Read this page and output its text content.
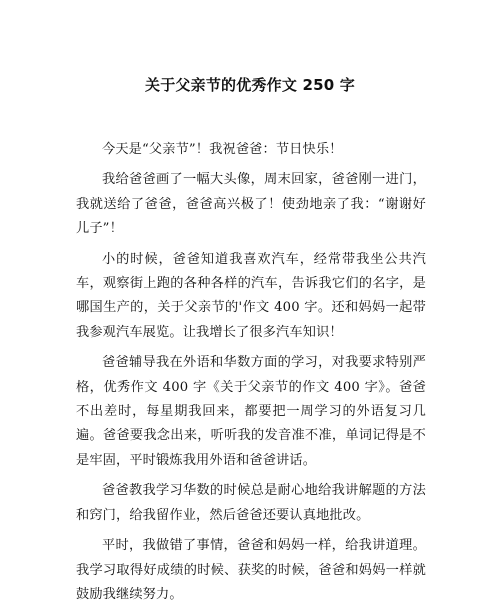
关于父亲节的优秀作文 250 字

今天是“父亲节”！我祝爸爸：节日快乐！

我给爸爸画了一幅大头像，周末回家，爸爸刚一进门，我就送给了爸爸，爸爸高兴极了！使劲地亲了我：“谢谢好儿子”！

小的时候，爸爸知道我喜欢汽车，经常带我坐公共汽车，观察街上跑的各种各样的汽车，告诉我它们的名字，是哪国生产的，关于父亲节的'作文 400 字。还和妈妈一起带我参观汽车展览。让我增长了很多汽车知识！

爸爸辅导我在外语和华数方面的学习，对我要求特别严格，优秀作文 400 字《关于父亲节的作文 400 字》。爸爸不出差时，每星期我回来，都要把一周学习的外语复习几遍。爸爸要我念出来，听听我的发音准不准，单词记得是不是牢固，平时锻炼我用外语和爸爸讲话。

爸爸教我学习华数的时候总是耐心地给我讲解题的方法和窍门，给我留作业，然后爸爸还要认真地批改。

平时，我做错了事情，爸爸和妈妈一样，给我讲道理。我学习取得好成绩的时候、获奖的时候，爸爸和妈妈一样就鼓励我继续努力。
